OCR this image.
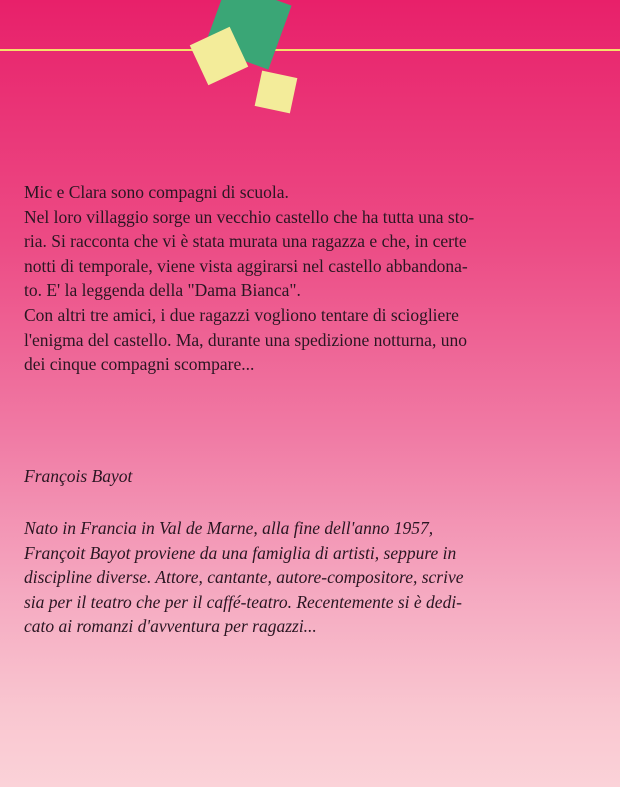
Mic e Clara sono compagni di scuola.

Nel loro villaggio sorge un vecchio castello che ha tutta una sto-

ria. Si racconta che vi è stata murata una ragazza e che, in certe

notti di temporale, viene vista aggirarsi nel castello abbandona-

to. E' la leggenda della "Dama Bianca".

Con altri tre amici, i due ragazzi vogliono tentare di sciogliere

l'enigma del castello. Ma, durante una spedizione notturna, uno

dei cinque compagni scompare...

François Bayot

Nato in Francia in Val de Marne, alla fine dell'anno 1957,

Françoit Bayot proviene da una famiglia di artisti, seppure in

discipline diverse. Attore, cantante, autore-compositore, scrive

sia per il teatro che per il caffé-teatro. Recentemente si è dedi-

cato ai romanzi d'avventura per ragazzi...
